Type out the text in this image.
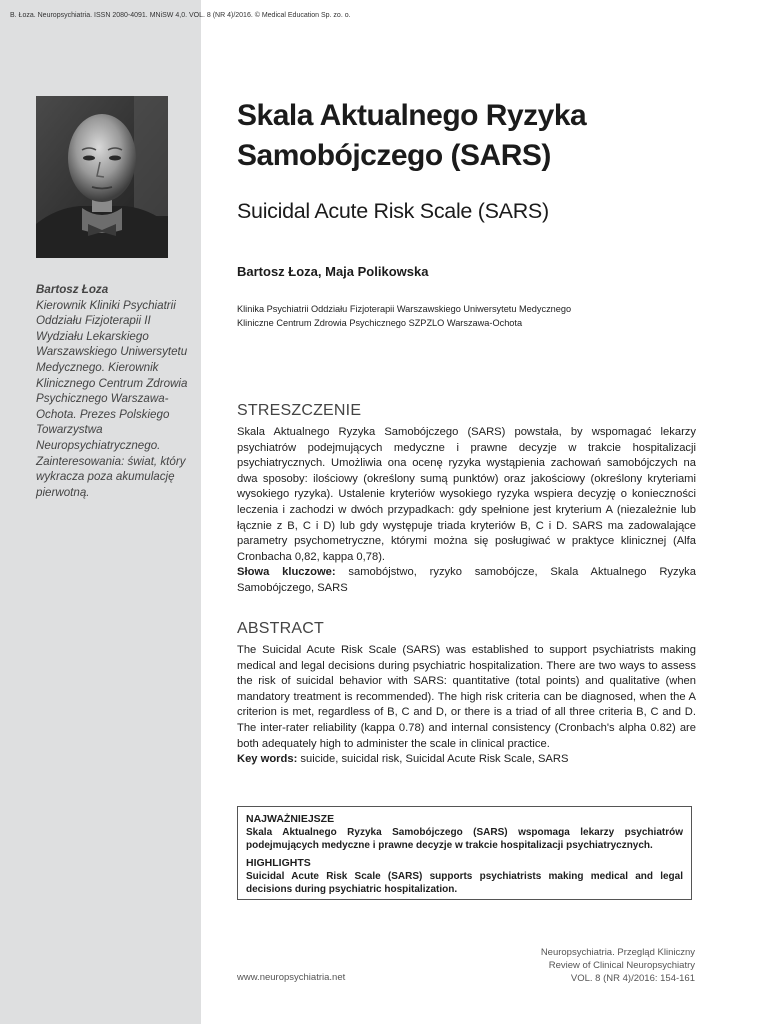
B. Łoza. Neuropsychiatria. ISSN 2080-4091. MNiSW 4,0. VOL. 8 (NR 4)/2016. © Medical Education Sp. zo. o.
Bartosz Łoza
Kierownik Kliniki Psychiatrii Oddziału Fizjoterapii II Wydziału Lekarskiego Warszawskiego Uniwersytetu Medycznego. Kierownik Klinicznego Centrum Zdrowia Psychicznego Warszawa-Ochota. Prezes Polskiego Towarzystwa Neuropsychiatrycznego. Zainteresowania: świat, który wykracza poza akumulację pierwotną.
Skala Aktualnego Ryzyka Samobójczego (SARS)
Suicidal Acute Risk Scale (SARS)
Bartosz Łoza, Maja Polikowska
Klinika Psychiatrii Oddziału Fizjoterapii Warszawskiego Uniwersytetu Medycznego
Kliniczne Centrum Zdrowia Psychicznego SZPZLO Warszawa-Ochota
STRESZCZENIE
Skala Aktualnego Ryzyka Samobójczego (SARS) powstała, by wspomagać lekarzy psychiatrów podejmujących medyczne i prawne decyzje w trakcie hospitalizacji psychiatrycznych. Umożliwia ona ocenę ryzyka wystąpienia zachowań samobójczych na dwa sposoby: ilościowy (określony sumą punktów) oraz jakościowy (określony kryteriami wysokiego ryzyka). Ustalenie kryteriów wysokiego ryzyka wspiera decyzję o konieczności leczenia i zachodzi w dwóch przypadkach: gdy spełnione jest kryterium A (niezależnie lub łącznie z B, C i D) lub gdy występuje triada kryteriów B, C i D. SARS ma zadowalające parametry psychometryczne, którymi można się posługiwać w praktyce klinicznej (Alfa Cronbacha 0,82, kappa 0,78).
Słowa kluczowe: samobójstwo, ryzyko samobójcze, Skala Aktualnego Ryzyka Samobójczego, SARS
ABSTRACT
The Suicidal Acute Risk Scale (SARS) was established to support psychiatrists making medical and legal decisions during psychiatric hospitalization. There are two ways to assess the risk of suicidal behavior with SARS: quantitative (total points) and qualitative (when mandatory treatment is recommended). The high risk criteria can be diagnosed, when the A criterion is met, regardless of B, C and D, or there is a triad of all three criteria B, C and D. The inter-rater reliability (kappa 0.78) and internal consistency (Cronbach's alpha 0.82) are both adequately high to administer the scale in clinical practice.
Key words: suicide, suicidal risk, Suicidal Acute Risk Scale, SARS
NAJWAŻNIEJSZE
Skala Aktualnego Ryzyka Samobójczego (SARS) wspomaga lekarzy psychiatrów podejmujących medyczne i prawne decyzje w trakcie hospitalizacji psychiatrycznych.
HIGHLIGHTS
Suicidal Acute Risk Scale (SARS) supports psychiatrists making medical and legal decisions during psychiatric hospitalization.
Neuropsychiatria. Przegląd Kliniczny
Review of Clinical Neuropsychiatry
VOL. 8 (NR 4)/2016: 154-161
www.neuropsychiatria.net
